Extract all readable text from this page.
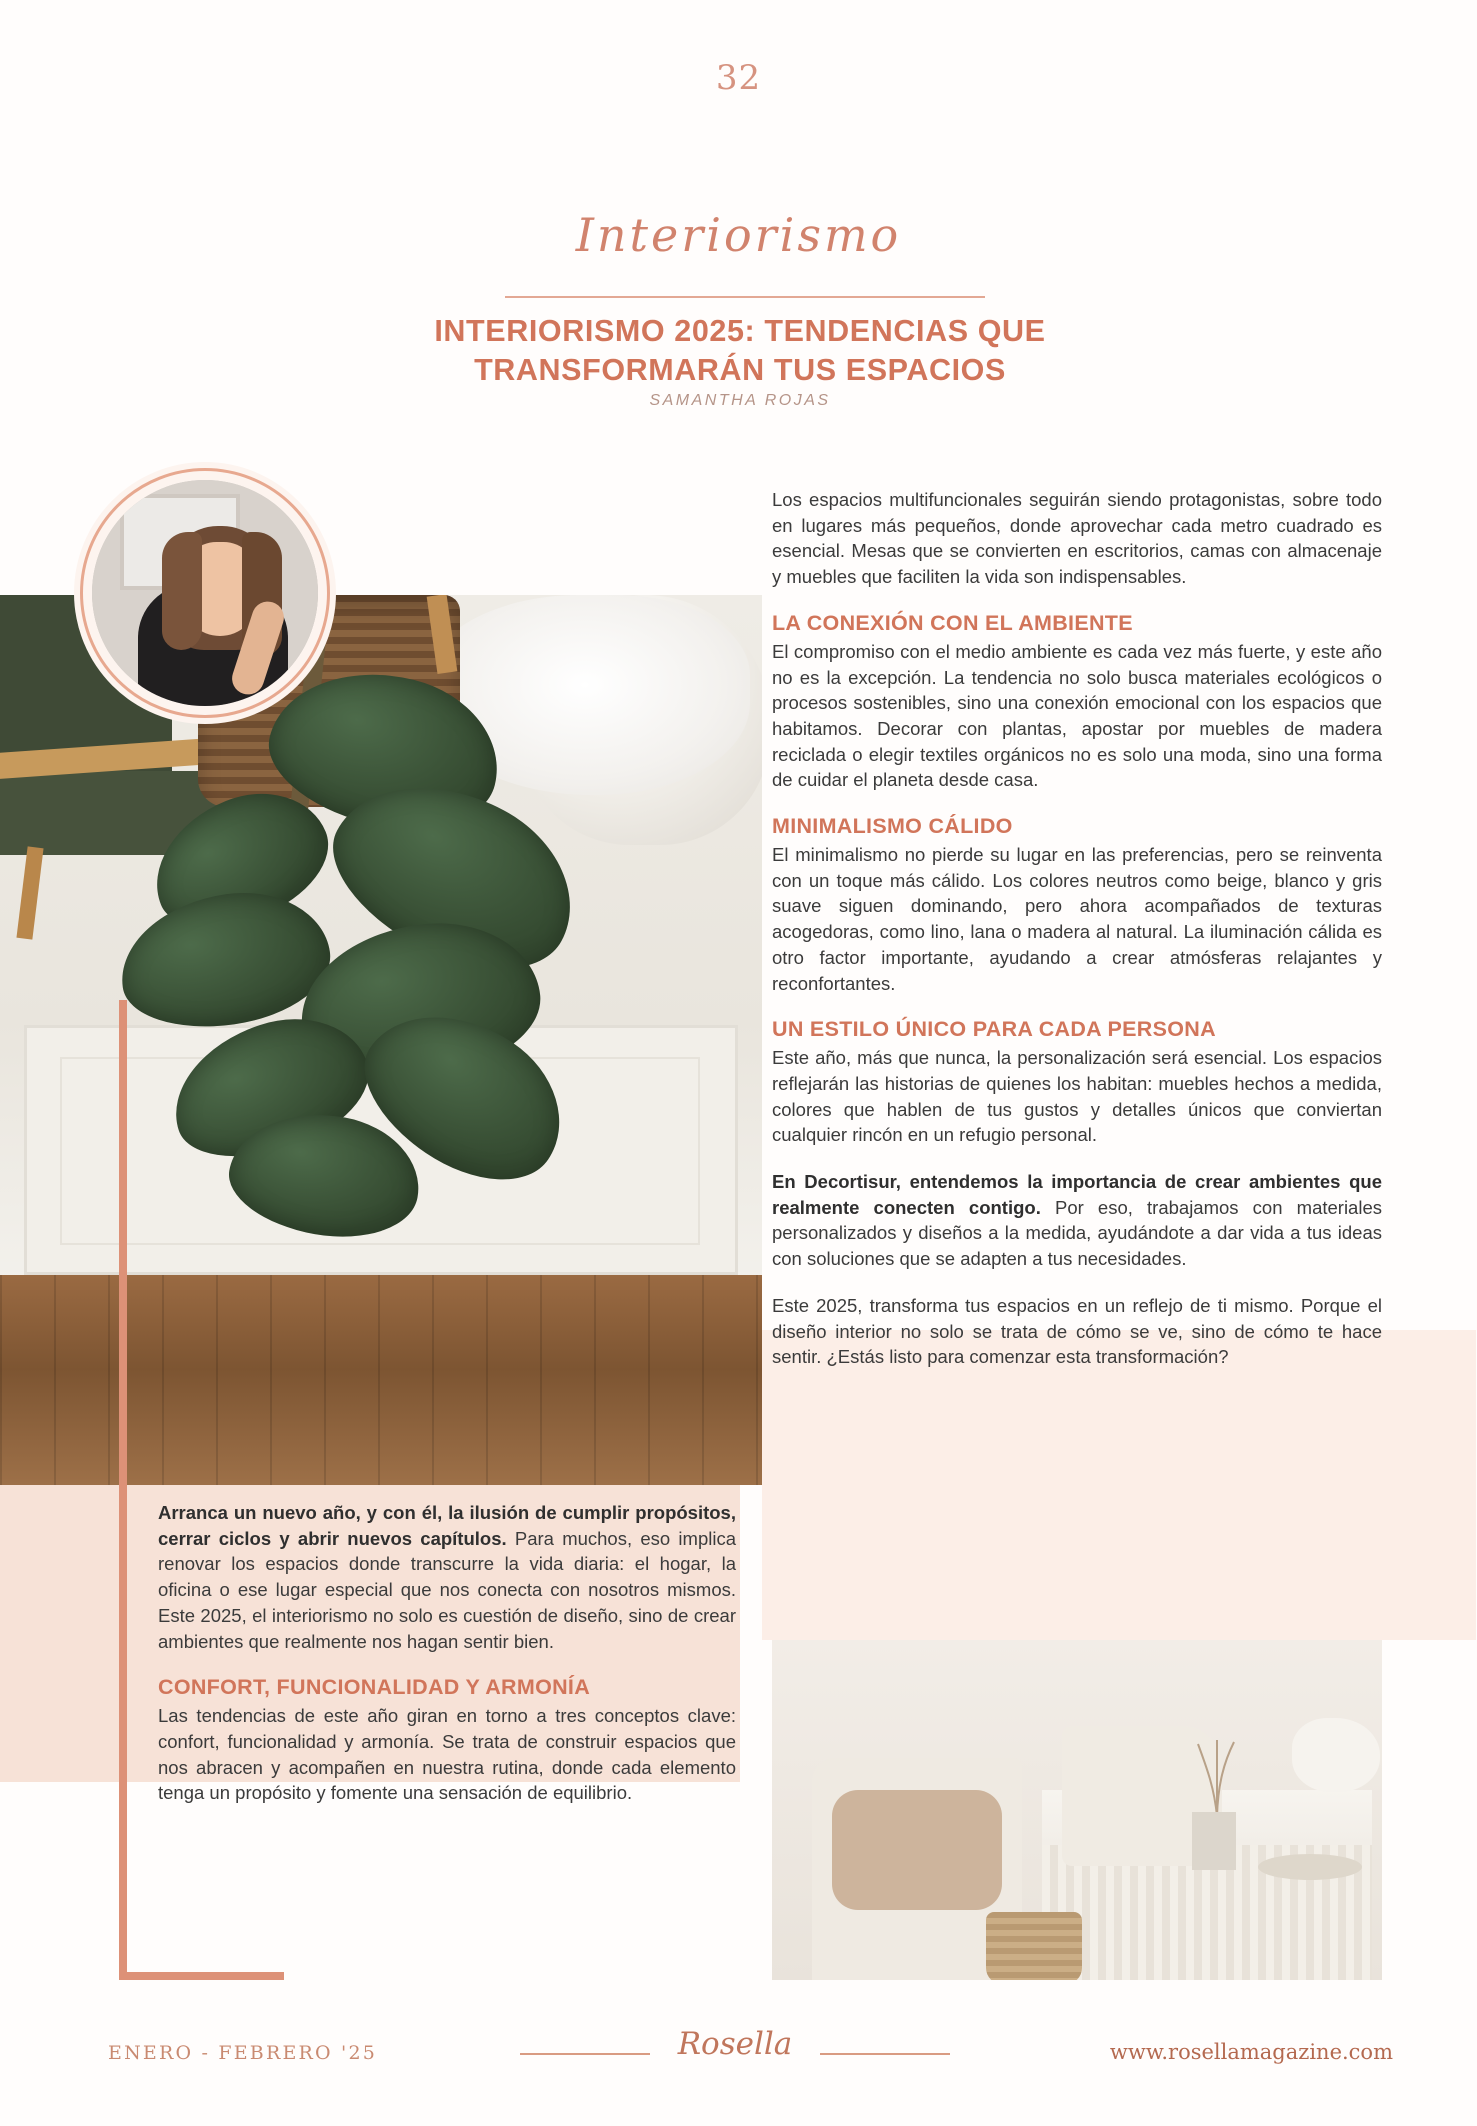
32
Interiorismo
INTERIORISMO 2025: TENDENCIAS QUE TRANSFORMARÁN TUS ESPACIOS
SAMANTHA ROJAS

Los espacios multifuncionales seguirán siendo protagonistas, sobre todo en lugares más pequeños, donde aprovechar cada metro cuadrado es esencial. Mesas que se convierten en escritorios, camas con almacenaje y muebles que faciliten la vida son indispensables.

LA CONEXIÓN CON EL AMBIENTE

El compromiso con el medio ambiente es cada vez más fuerte, y este año no es la excepción. La tendencia no solo busca materiales ecológicos o procesos sostenibles, sino una conexión emocional con los espacios que habitamos. Decorar con plantas, apostar por muebles de madera reciclada o elegir textiles orgánicos no es solo una moda, sino una forma de cuidar el planeta desde casa.

MINIMALISMO CÁLIDO

El minimalismo no pierde su lugar en las preferencias, pero se reinventa con un toque más cálido. Los colores neutros como beige, blanco y gris suave siguen dominando, pero ahora acompañados de texturas acogedoras, como lino, lana o madera al natural. La iluminación cálida es otro factor importante, ayudando a crear atmósferas relajantes y reconfortantes.

UN ESTILO ÚNICO PARA CADA PERSONA

Este año, más que nunca, la personalización será esencial. Los espacios reflejarán las historias de quienes los habitan: muebles hechos a medida, colores que hablen de tus gustos y detalles únicos que conviertan cualquier rincón en un refugio personal.

En Decortisur, entendemos la importancia de crear ambientes que realmente conecten contigo. Por eso, trabajamos con materiales personalizados y diseños a la medida, ayudándote a dar vida a tus ideas con soluciones que se adapten a tus necesidades.

Este 2025, transforma tus espacios en un reflejo de ti mismo. Porque el diseño interior no solo se trata de cómo se ve, sino de cómo te hace sentir. ¿Estás listo para comenzar esta transformación?

Arranca un nuevo año, y con él, la ilusión de cumplir propósitos, cerrar ciclos y abrir nuevos capítulos. Para muchos, eso implica renovar los espacios donde transcurre la vida diaria: el hogar, la oficina o ese lugar especial que nos conecta con nosotros mismos. Este 2025, el interiorismo no solo es cuestión de diseño, sino de crear ambientes que realmente nos hagan sentir bien.

CONFORT, FUNCIONALIDAD Y ARMONÍA

Las tendencias de este año giran en torno a tres conceptos clave: confort, funcionalidad y armonía. Se trata de construir espacios que nos abracen y acompañen en nuestra rutina, donde cada elemento tenga un propósito y fomente una sensación de equilibrio.

ENERO - FEBRERO '25	Rosella	www.rosellamagazine.com
